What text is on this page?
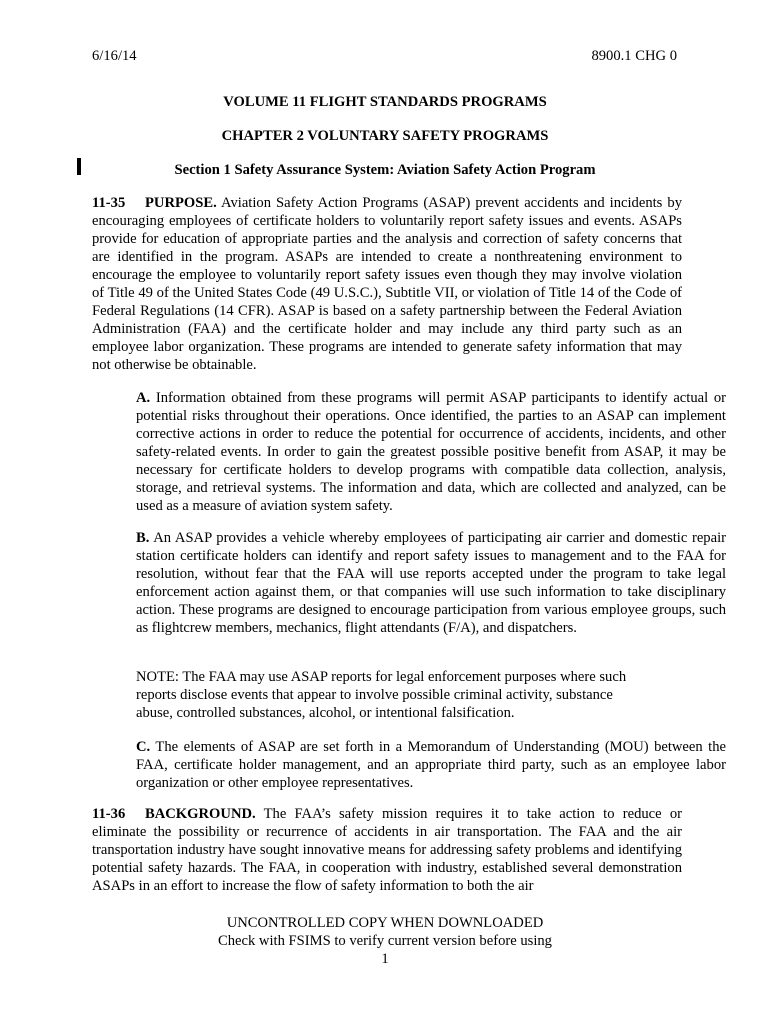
6/16/14	8900.1 CHG 0
VOLUME 11 FLIGHT STANDARDS PROGRAMS
CHAPTER 2 VOLUNTARY SAFETY PROGRAMS
Section 1 Safety Assurance System: Aviation Safety Action Program
11-35 PURPOSE. Aviation Safety Action Programs (ASAP) prevent accidents and incidents by encouraging employees of certificate holders to voluntarily report safety issues and events. ASAPs provide for education of appropriate parties and the analysis and correction of safety concerns that are identified in the program. ASAPs are intended to create a nonthreatening environment to encourage the employee to voluntarily report safety issues even though they may involve violation of Title 49 of the United States Code (49 U.S.C.), Subtitle VII, or violation of Title 14 of the Code of Federal Regulations (14 CFR). ASAP is based on a safety partnership between the Federal Aviation Administration (FAA) and the certificate holder and may include any third party such as an employee labor organization. These programs are intended to generate safety information that may not otherwise be obtainable.
A. Information obtained from these programs will permit ASAP participants to identify actual or potential risks throughout their operations. Once identified, the parties to an ASAP can implement corrective actions in order to reduce the potential for occurrence of accidents, incidents, and other safety-related events. In order to gain the greatest possible positive benefit from ASAP, it may be necessary for certificate holders to develop programs with compatible data collection, analysis, storage, and retrieval systems. The information and data, which are collected and analyzed, can be used as a measure of aviation system safety.
B. An ASAP provides a vehicle whereby employees of participating air carrier and domestic repair station certificate holders can identify and report safety issues to management and to the FAA for resolution, without fear that the FAA will use reports accepted under the program to take legal enforcement action against them, or that companies will use such information to take disciplinary action. These programs are designed to encourage participation from various employee groups, such as flightcrew members, mechanics, flight attendants (F/A), and dispatchers.
NOTE: The FAA may use ASAP reports for legal enforcement purposes where such reports disclose events that appear to involve possible criminal activity, substance abuse, controlled substances, alcohol, or intentional falsification.
C. The elements of ASAP are set forth in a Memorandum of Understanding (MOU) between the FAA, certificate holder management, and an appropriate third party, such as an employee labor organization or other employee representatives.
11-36 BACKGROUND. The FAA’s safety mission requires it to take action to reduce or eliminate the possibility or recurrence of accidents in air transportation. The FAA and the air transportation industry have sought innovative means for addressing safety problems and identifying potential safety hazards. The FAA, in cooperation with industry, established several demonstration ASAPs in an effort to increase the flow of safety information to both the air
UNCONTROLLED COPY WHEN DOWNLOADED
Check with FSIMS to verify current version before using
1
